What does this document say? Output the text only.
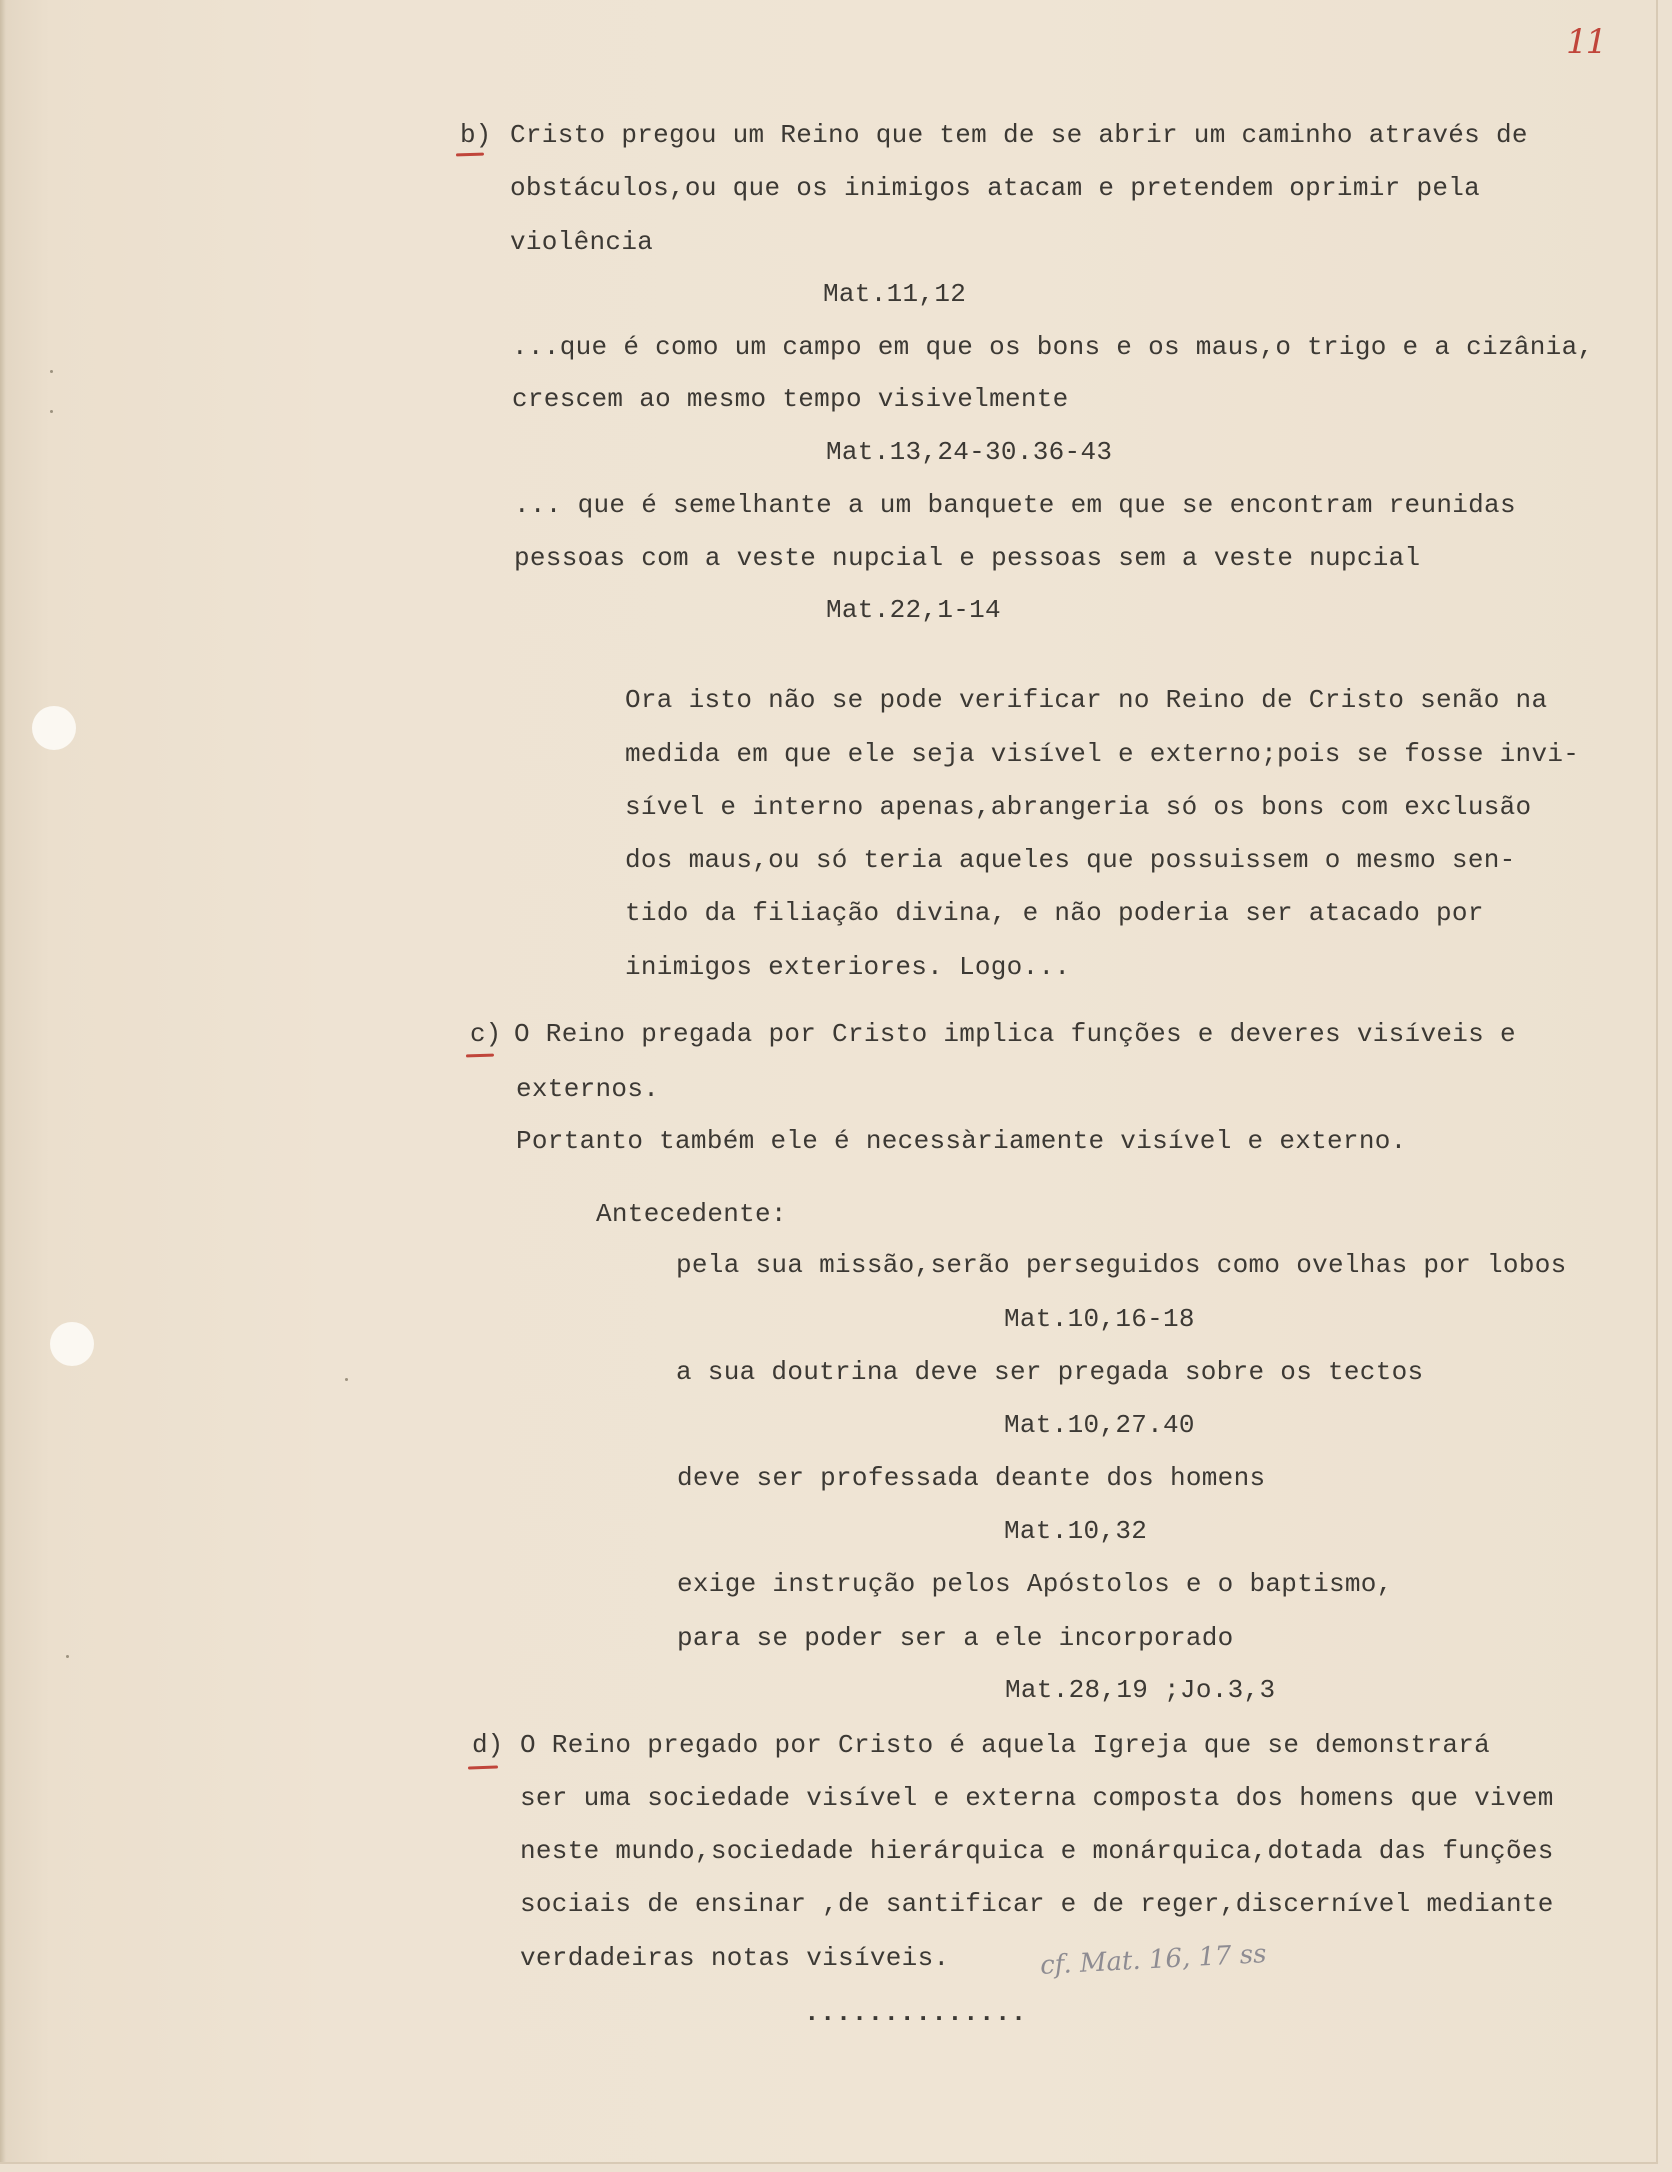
11
b) Cristo pregou um Reino que tem de se abrir um caminho através de
obstáculos,ou que os inimigos atacam e pretendem oprimir pela
violência
Mat.11,12
...que é como um campo em que os bons e os maus,o trigo e a cizânia,
crescem ao mesmo tempo visivelmente
Mat.13,24-30.36-43
... que é semelhante a um banquete em que se encontram reunidas
pessoas com a veste nupcial e pessoas sem a veste nupcial
Mat.22,1-14
Ora isto não se pode verificar no Reino de Cristo senão na
medida em que ele seja visível e externo;pois se fosse invi-
sível e interno apenas,abrangeria só os bons com exclusão
dos maus,ou só teria aqueles que possuissem o mesmo sen-
tido da filiação divina, e não poderia ser atacado por
inimigos exteriores. Logo...
c) O Reino pregada por Cristo implica funções e deveres visíveis e
externos.
Portanto também ele é necessàriamente visível e externo.
Antecedente:
pela sua missão,serão perseguidos como ovelhas por lobos
Mat.10,16-18
a sua doutrina deve ser pregada sobre os tectos
Mat.10,27.40
deve ser professada deante dos homens
Mat.10,32
exige instrução pelos Apóstolos e o baptismo,
para se poder ser a ele incorporado
Mat.28,19 ;Jo.3,3
d) O Reino pregado por Cristo é aquela Igreja que se demonstrará
ser uma sociedade visível e externa composta dos homens que vivem
neste mundo,sociedade hierárquica e monárquica,dotada das funções
sociais de ensinar ,de santificar e de reger,discernível mediante
verdadeiras notas visíveis.	cf. Mat. 16, 17 ss
..............
